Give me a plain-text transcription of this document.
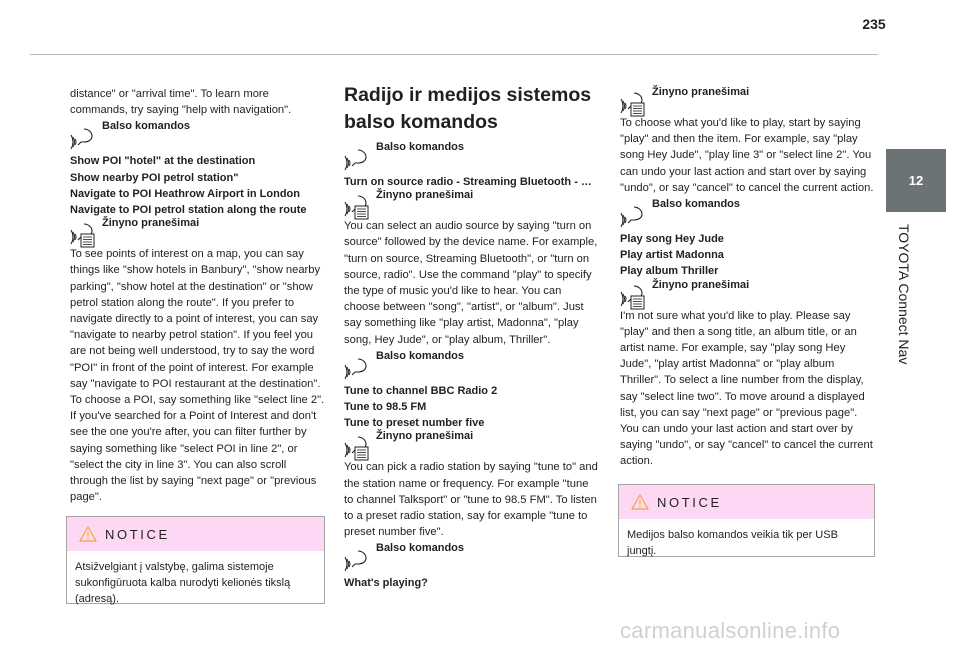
235
12
TOYOTA Connect Nav

distance" or "arrival time". To learn more commands, try saying "help with navigation".

Balso komandos
Show POI "hotel" at the destination
Show nearby POI petrol station"
Navigate to POI Heathrow Airport in London
Navigate to POI petrol station along the route
Žinyno pranešimai

To see points of interest on a map, you can say things like "show hotels in Banbury", "show nearby parking", "show hotel at the destination" or "show petrol station along the route". If you prefer to navigate directly to a point of interest, you can say "navigate to nearby petrol station". If you feel you are not being well understood, try to say the word "POI" in front of the point of interest. For example say "navigate to POI restaurant at the destination". To choose a POI, say something like "select line 2". If you've searched for a Point of Interest and don't see the one you're after, you can filter further by saying something like "select POI in line 2", or "select the city in line 3". You can also scroll through the list by saying "next page" or "previous page".

NOTICE
Atsižvelgiant į valstybę, galima sistemoje sukonfigūruota kalba nurodyti kelionės tikslą (adresą).
Radijo ir medijos sistemos balso komandos
Balso komandos
Turn on source radio - Streaming Bluetooth - …
Žinyno pranešimai

You can select an audio source by saying "turn on source" followed by the device name. For example, "turn on source, Streaming Bluetooth", or "turn on source, radio". Use the command "play" to specify the type of music you'd like to hear. You can choose between "song", "artist", or "album". Just say something like "play artist, Madonna", "play song, Hey Jude", or "play album, Thriller".

Balso komandos
Tune to channel BBC Radio 2
Tune to 98.5 FM
Tune to preset number five
Žinyno pranešimai

You can pick a radio station by saying "tune to" and the station name or frequency. For example "tune to channel Talksport" or "tune to 98.5 FM". To listen to a preset radio station, say for example "tune to preset number five".

Balso komandos
What's playing?
Žinyno pranešimai

To choose what you'd like to play, start by saying "play" and then the item. For example, say "play song Hey Jude", "play line 3" or "select line 2". You can undo your last action and start over by saying "undo", or say "cancel" to cancel the current action.

Balso komandos
Play song Hey Jude
Play artist Madonna
Play album Thriller
Žinyno pranešimai

I'm not sure what you'd like to play. Please say "play" and then a song title, an album title, or an artist name. For example, say "play song Hey Jude", "play artist Madonna" or "play album Thriller". To select a line number from the display, say "select line two". To move around a displayed list, you can say "next page" or "previous page". You can undo your last action and start over by saying "undo", or say "cancel" to cancel the current action.

NOTICE
Medijos balso komandos veikia tik per USB jungtį.
carmanualsonline.info
